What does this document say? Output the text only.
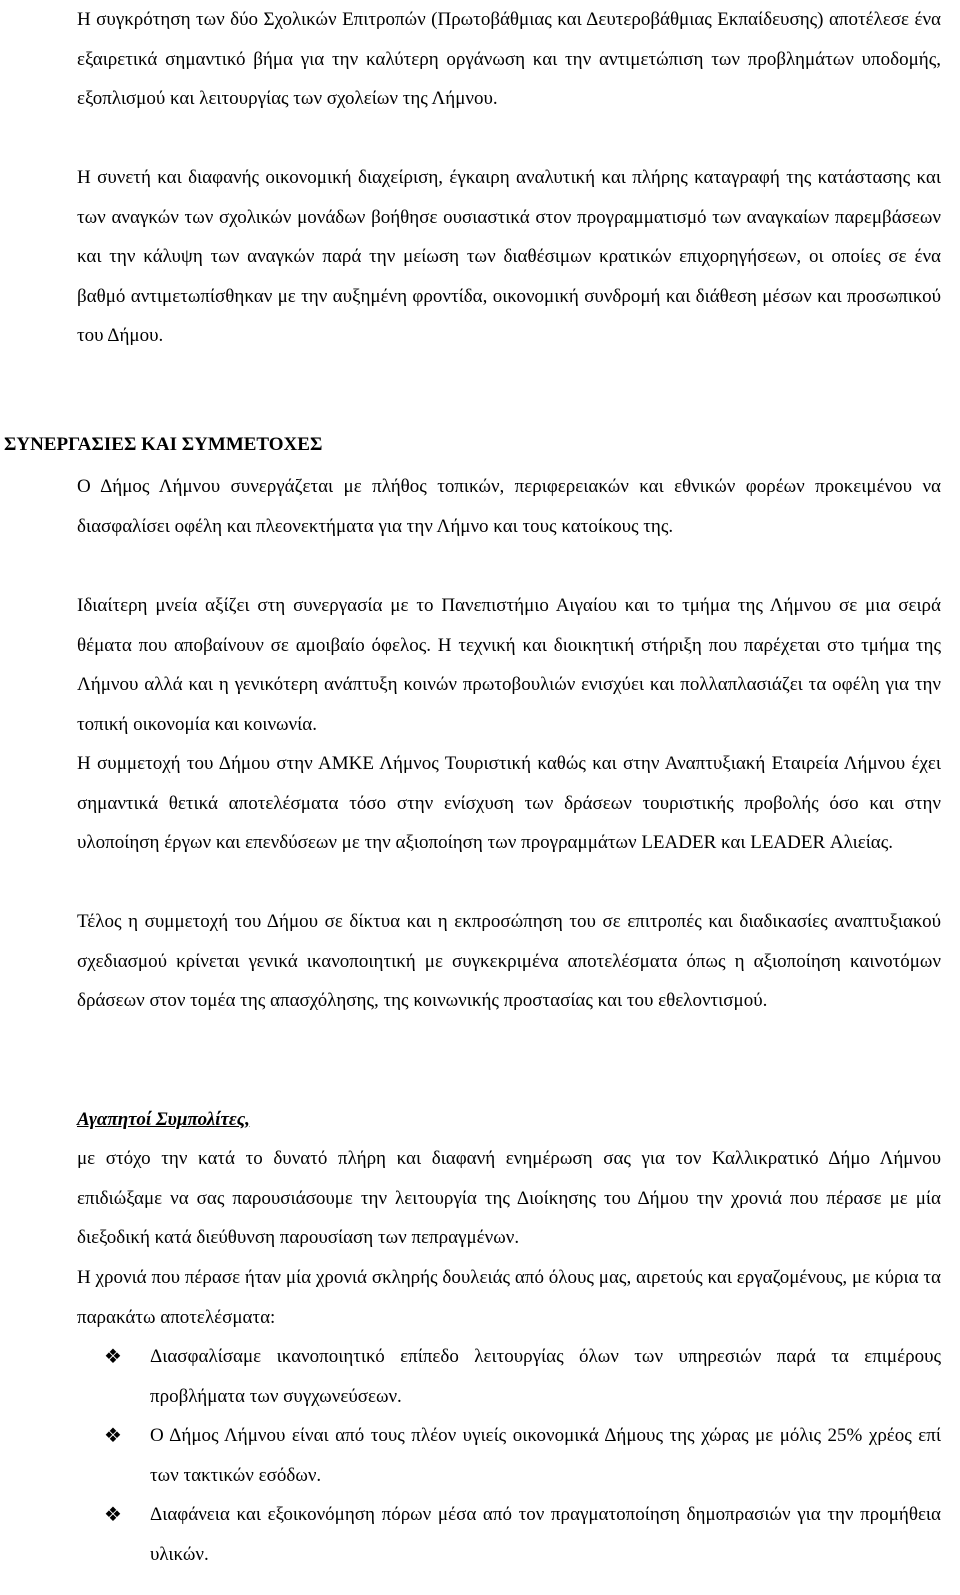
Η συγκρότηση των δύο Σχολικών Επιτροπών (Πρωτοβάθμιας και Δευτεροβάθμιας Εκπαίδευσης) αποτέλεσε ένα εξαιρετικά σημαντικό βήμα για την καλύτερη οργάνωση και την αντιμετώπιση των προβλημάτων υποδομής, εξοπλισμού και λειτουργίας των σχολείων της Λήμνου.

Η συνετή και διαφανής οικονομική διαχείριση, έγκαιρη αναλυτική και πλήρης καταγραφή της κατάστασης και των αναγκών των σχολικών μονάδων βοήθησε ουσιαστικά στον προγραμματισμό των αναγκαίων παρεμβάσεων και την κάλυψη των αναγκών παρά την μείωση των διαθέσιμων κρατικών επιχορηγήσεων, οι οποίες σε ένα βαθμό αντιμετωπίσθηκαν με την αυξημένη φροντίδα, οικονομική συνδρομή και διάθεση μέσων και προσωπικού του Δήμου.

ΣΥΝΕΡΓΑΣΙΕΣ ΚΑΙ ΣΥΜΜΕΤΟΧΕΣ

Ο Δήμος Λήμνου συνεργάζεται με πλήθος τοπικών, περιφερειακών και εθνικών φορέων προκειμένου να διασφαλίσει οφέλη και πλεονεκτήματα για την Λήμνο και τους κατοίκους της.

Ιδιαίτερη μνεία αξίζει στη συνεργασία με το Πανεπιστήμιο Αιγαίου και το τμήμα της Λήμνου σε μια σειρά θέματα που αποβαίνουν σε αμοιβαίο όφελος. Η τεχνική και διοικητική στήριξη που παρέχεται στο τμήμα της Λήμνου αλλά και η γενικότερη ανάπτυξη κοινών πρωτοβουλιών ενισχύει και πολλαπλασιάζει τα οφέλη για την τοπική οικονομία και κοινωνία.

Η συμμετοχή του Δήμου στην ΑΜΚΕ Λήμνος Τουριστική καθώς και στην Αναπτυξιακή Εταιρεία Λήμνου έχει σημαντικά θετικά αποτελέσματα τόσο στην ενίσχυση των δράσεων τουριστικής προβολής όσο και στην υλοποίηση έργων και επενδύσεων με την αξιοποίηση των προγραμμάτων LEADER και LEADER Αλιείας.

Τέλος η συμμετοχή του Δήμου σε δίκτυα και η εκπροσώπηση του σε επιτροπές και διαδικασίες αναπτυξιακού σχεδιασμού κρίνεται γενικά ικανοποιητική με συγκεκριμένα αποτελέσματα όπως η αξιοποίηση καινοτόμων δράσεων στον τομέα της απασχόλησης, της κοινωνικής προστασίας και του εθελοντισμού.

Αγαπητοί Συμπολίτες,

με στόχο την κατά το δυνατό πλήρη και διαφανή ενημέρωση σας για τον Καλλικρατικό Δήμο Λήμνου επιδιώξαμε να σας παρουσιάσουμε την λειτουργία της Διοίκησης του Δήμου την χρονιά που πέρασε με μία διεξοδική κατά διεύθυνση παρουσίαση των πεπραγμένων.

Η χρονιά που πέρασε ήταν μία χρονιά σκληρής δουλειάς από όλους μας, αιρετούς και εργαζομένους, με κύρια τα παρακάτω αποτελέσματα:

❖ Διασφαλίσαμε ικανοποιητικό επίπεδο λειτουργίας όλων των υπηρεσιών παρά τα επιμέρους προβλήματα των συγχωνεύσεων.

❖ Ο Δήμος Λήμνου είναι από τους πλέον υγιείς οικονομικά Δήμους της χώρας με μόλις 25% χρέος επί των τακτικών εσόδων.

❖ Διαφάνεια και εξοικονόμηση πόρων μέσα από τον πραγματοποίηση δημοπρασιών για την προμήθεια υλικών.
